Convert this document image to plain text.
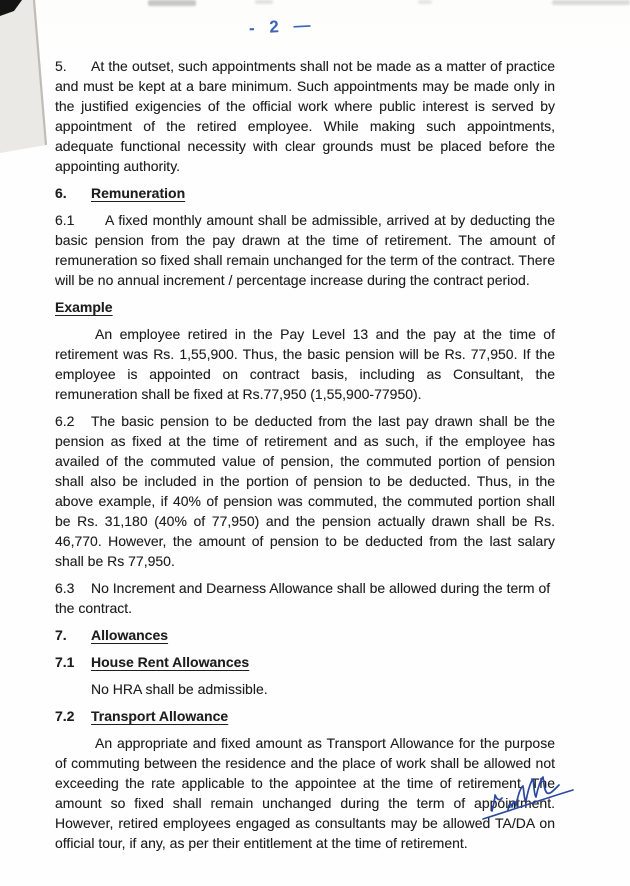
- 2 —

5. At the outset, such appointments shall not be made as a matter of practice and must be kept at a bare minimum. Such appointments may be made only in the justified exigencies of the official work where public interest is served by appointment of the retired employee. While making such appointments, adequate functional necessity with clear grounds must be placed before the appointing authority.

6. Remuneration

6.1 A fixed monthly amount shall be admissible, arrived at by deducting the basic pension from the pay drawn at the time of retirement. The amount of remuneration so fixed shall remain unchanged for the term of the contract. There will be no annual increment / percentage increase during the contract period.

Example

An employee retired in the Pay Level 13 and the pay at the time of retirement was Rs. 1,55,900. Thus, the basic pension will be Rs. 77,950. If the employee is appointed on contract basis, including as Consultant, the remuneration shall be fixed at Rs.77,950 (1,55,900-77950).

6.2 The basic pension to be deducted from the last pay drawn shall be the pension as fixed at the time of retirement and as such, if the employee has availed of the commuted value of pension, the commuted portion of pension shall also be included in the portion of pension to be deducted. Thus, in the above example, if 40% of pension was commuted, the commuted portion shall be Rs. 31,180 (40% of 77,950) and the pension actually drawn shall be Rs. 46,770. However, the amount of pension to be deducted from the last salary shall be Rs 77,950.

6.3 No Increment and Dearness Allowance shall be allowed during the term of the contract.

7. Allowances

7.1 House Rent Allowances

No HRA shall be admissible.

7.2 Transport Allowance

An appropriate and fixed amount as Transport Allowance for the purpose of commuting between the residence and the place of work shall be allowed not exceeding the rate applicable to the appointee at the time of retirement. The amount so fixed shall remain unchanged during the term of appointment. However, retired employees engaged as consultants may be allowed TA/DA on official tour, if any, as per their entitlement at the time of retirement.
